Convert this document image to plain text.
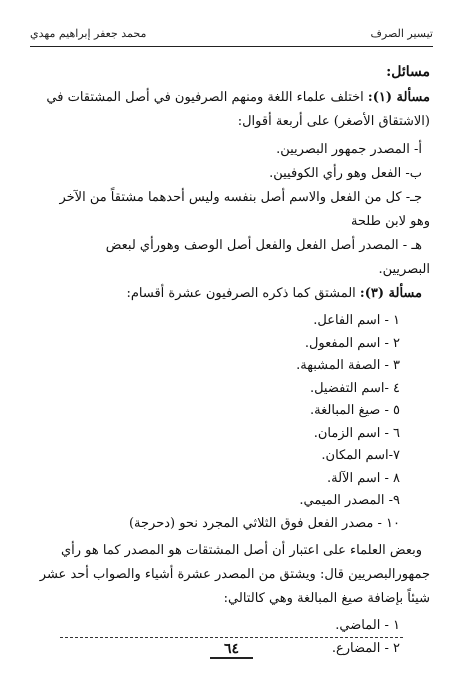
تيسير الصرف
محمد جعفر إبراهيم مهدي

مسائل:

مسألة (١): اختلف علماء اللغة ومنهم الصرفيون في أصل المشتقات في

(الاشتقاق الأصغر) على أربعة أقوال:

أ- المصدر جمهور البصريين.

ب- الفعل وهو رأي الكوفيين.

جـ- كل من الفعل والاسم أصل بنفسه وليس أحدهما مشتقاً من الآخر

وهو لابن طلحة

هـ - المصدر أصل الفعل والفعل أصل الوصف وهورأي لبعض

البصريين.

مسألة (٣): المشتق كما ذكره الصرفيون عشرة أقسام:

١ - اسم الفاعل.

٢ - اسم المفعول.

٣ - الصفة المشبهة.

٤ -اسم التفضيل.

٥ - صيغ المبالغة.

٦ - اسم الزمان.

٧-اسم المكان.

٨ - اسم الآلة.

٩- المصدر الميمي.

١٠ - مصدر الفعل فوق الثلاثي المجرد نحو (دحرجة)

وبعض العلماء على اعتبار أن أصل المشتقات هو المصدر كما هو رأي

جمهورالبصريين قال: ويشتق من المصدر عشرة أشياء والصواب أحد عشر

شيئاً بإضافة صيغ المبالغة وهي كالتالي:

١ - الماضي.

٢ - المضارع.

٦٤
